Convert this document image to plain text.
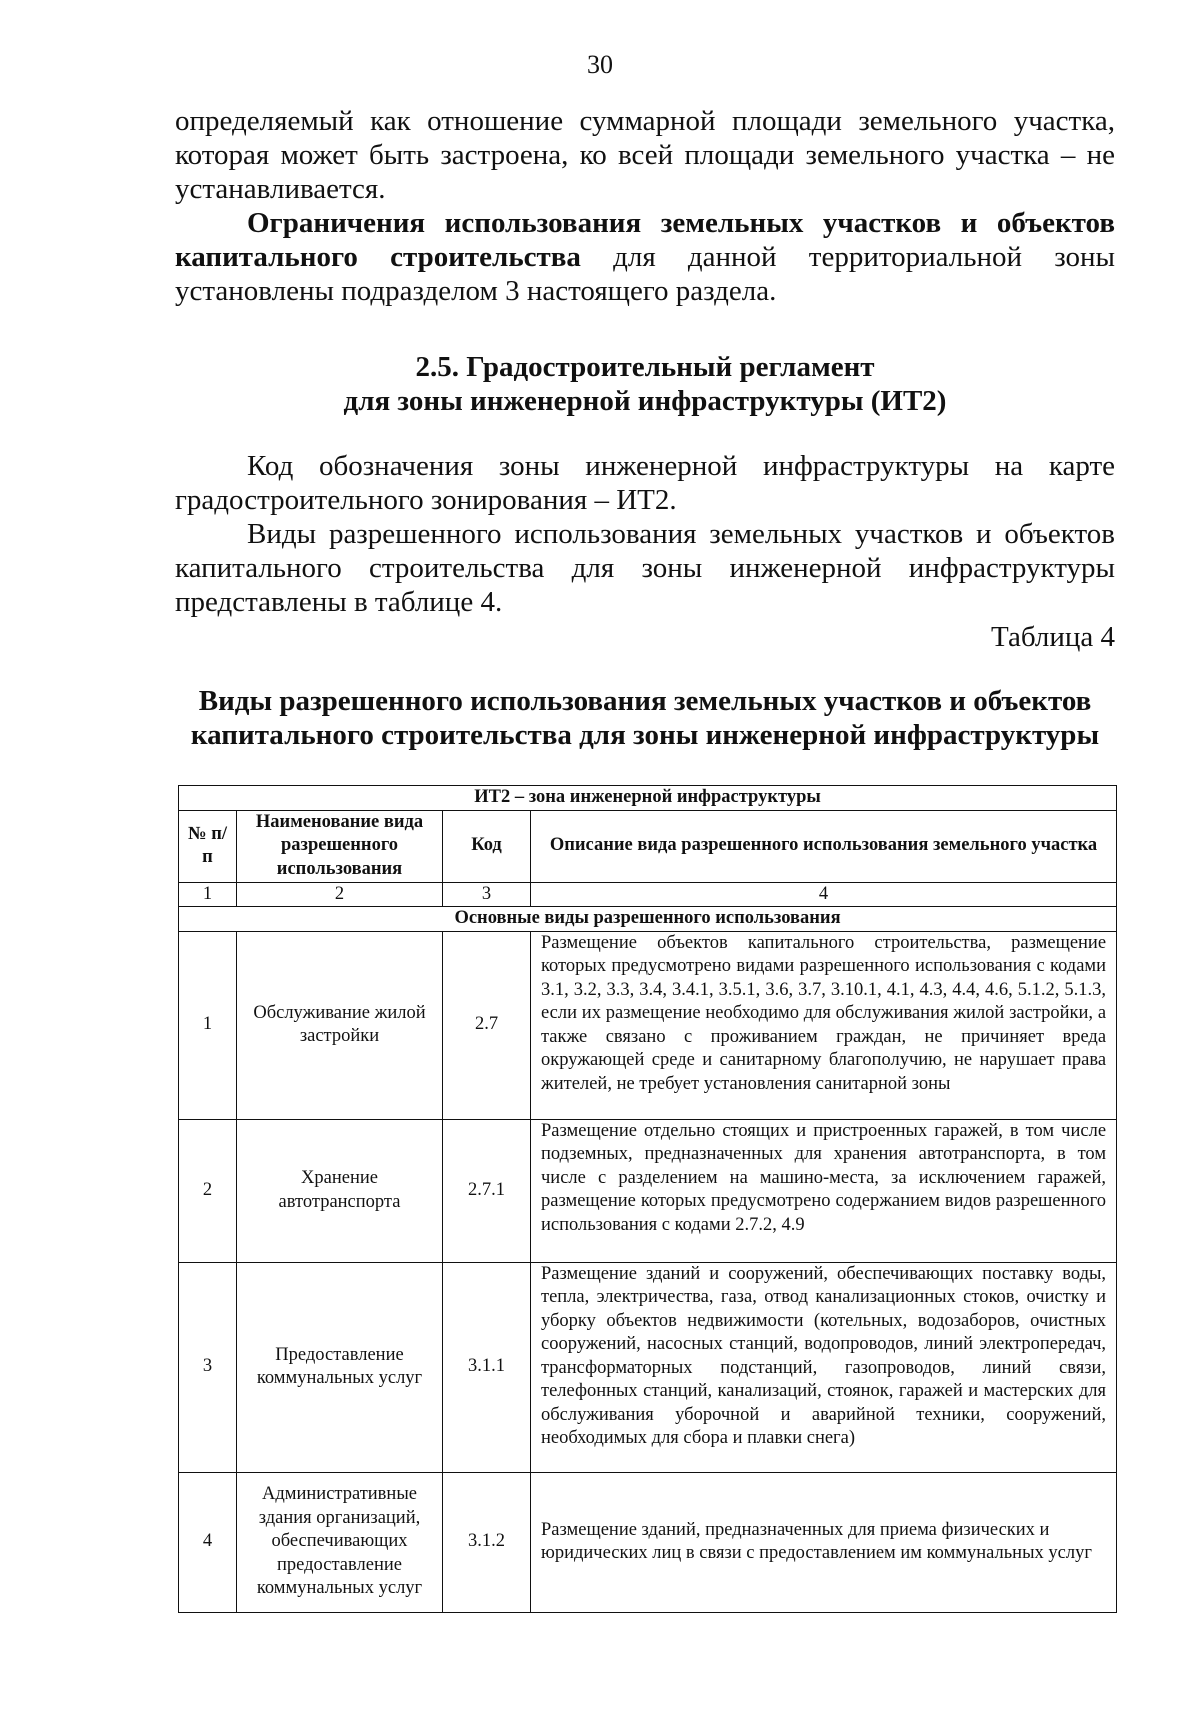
30
определяемый как отношение суммарной площади земельного участка, которая может быть застроена, ко всей площади земельного участка – не устанавливается.
Ограничения использования земельных участков и объектов капитального строительства для данной территориальной зоны установлены подразделом 3 настоящего раздела.
2.5. Градостроительный регламент
для зоны инженерной инфраструктуры (ИТ2)
Код обозначения зоны инженерной инфраструктуры на карте градостроительного зонирования – ИТ2.
Виды разрешенного использования земельных участков и объектов капитального строительства для зоны инженерной инфраструктуры представлены в таблице 4.
Таблица 4
Виды разрешенного использования земельных участков и объектов
капитального строительства для зоны инженерной инфраструктуры
ИТ2 – зона инженерной инфраструктуры			
№ п/п	Наименование вида разрешенного использования	Код	Описание вида разрешенного использования земельного участка
1	2	3	4
Основные виды разрешенного использования			
1	Обслуживание жилой застройки	2.7	Размещение объектов капитального строительства, размещение которых предусмотрено видами разрешенного использования с кодами 3.1, 3.2, 3.3, 3.4, 3.4.1, 3.5.1, 3.6, 3.7, 3.10.1, 4.1, 4.3, 4.4, 4.6, 5.1.2, 5.1.3, если их размещение необходимо для обслуживания жилой застройки, а также связано с проживанием граждан, не причиняет вреда окружающей среде и санитарному благополучию, не нарушает права жителей, не требует установления санитарной зоны
2	Хранение автотранспорта	2.7.1	Размещение отдельно стоящих и пристроенных гаражей, в том числе подземных, предназначенных для хранения автотранспорта, в том числе с разделением на машино-места, за исключением гаражей, размещение которых предусмотрено содержанием видов разрешенного использования с кодами 2.7.2, 4.9
3	Предоставление коммунальных услуг	3.1.1	Размещение зданий и сооружений, обеспечивающих поставку воды, тепла, электричества, газа, отвод канализационных стоков, очистку и уборку объектов недвижимости (котельных, водозаборов, очистных сооружений, насосных станций, водопроводов, линий электропередач, трансформаторных подстанций, газопроводов, линий связи, телефонных станций, канализаций, стоянок, гаражей и мастерских для обслуживания уборочной и аварийной техники, сооружений, необходимых для сбора и плавки снега)
4	Административные здания организаций, обеспечивающих предоставление коммунальных услуг	3.1.2	Размещение зданий, предназначенных для приема физических и юридических лиц в связи с предоставлением им коммунальных услуг
